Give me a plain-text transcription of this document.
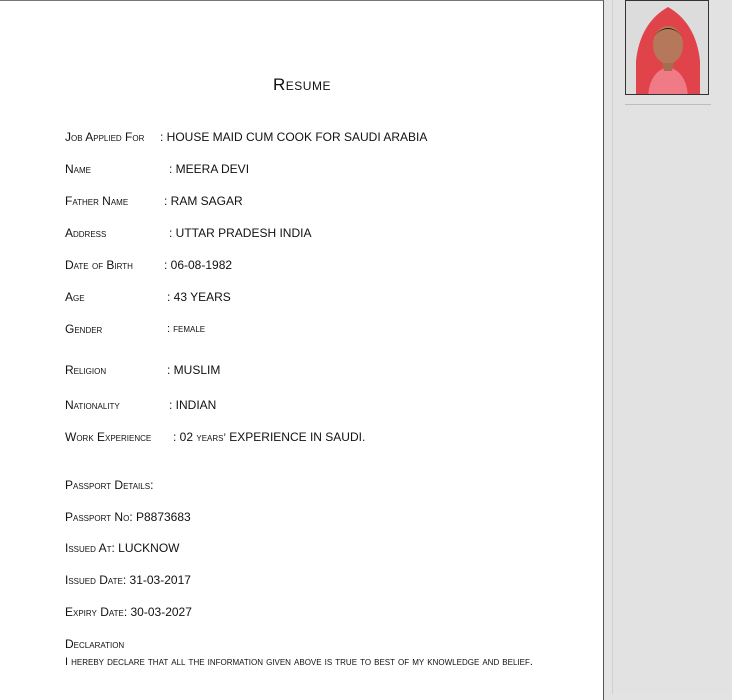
Resume
Job Applied For : HOUSE MAID CUM COOK FOR SAUDI ARABIA
Name	: MEERA DEVI
Father Name	: RAM SAGAR
Address	: UTTAR PRADESH INDIA
Date of Birth	: 06-08-1982
Age	: 43 YEARS
Gender	: female
Religion	: MUSLIM
Nationality	: INDIAN
Work Experience : 02 years’ EXPERIENCE IN SAUDI.
Passport Details:
Passport No: P8873683
Issued At: LUCKNOW
Issued Date: 31-03-2017
Expiry Date: 30-03-2027
Declaration
I hereby declare that all the information given above is true to best of my knowledge and belief.
